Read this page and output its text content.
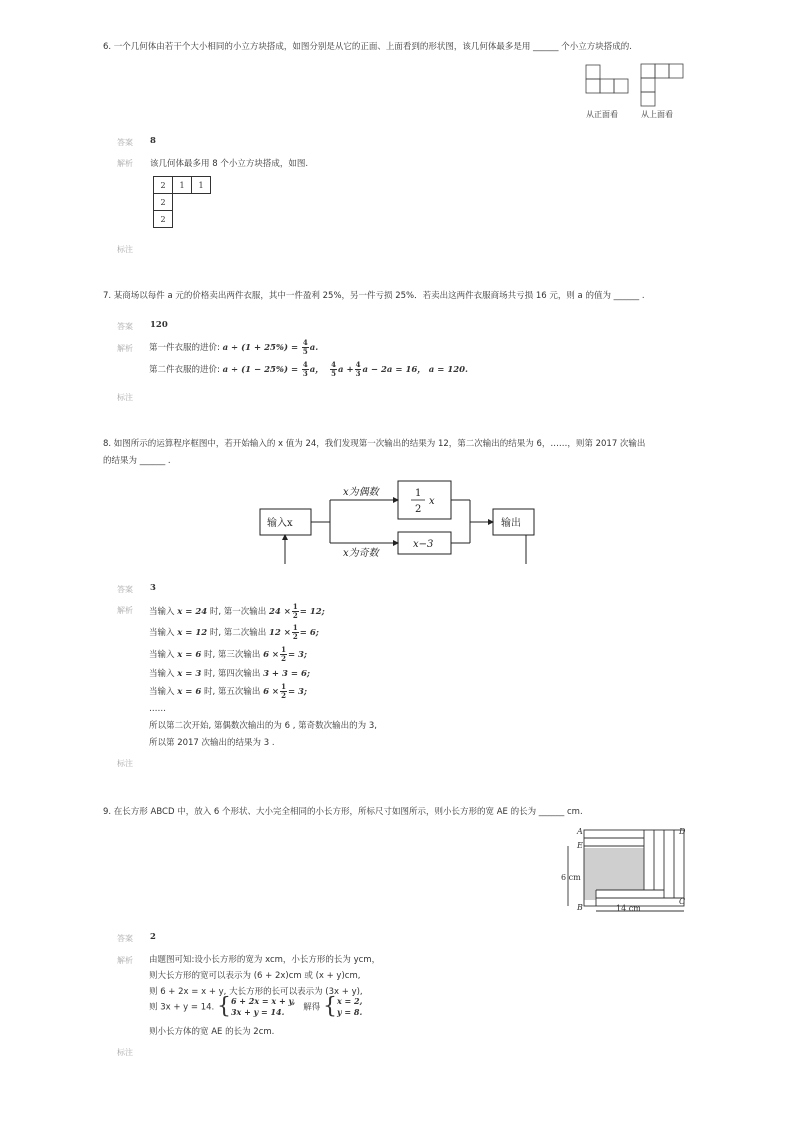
6. 一个几何体由若干个大小相同的小立方块搭成，如图分别是从它的正面、上面看到的形状图，该几何体最多是用 ______ 个小立方块搭成的.
从正面看	从上面看
答案 8
解析 该几何体最多用 8 个小立方块搭成，如图.
2	1	1
2		
2		
标注
7. 某商场以每件 a 元的价格卖出两件衣服，其中一件盈利 25%，另一件亏损 25%．若卖出这两件衣服商场共亏损 16 元，则 a 的值为 ______ .
答案 120
解析 第一件衣服的进价: $a \div (1 + 25\%) = \frac{4}{5} a$.
第二件衣服的进价: $a \div (1 - 25\%) = \frac{4}{3}$ a， $\frac{4}{5}$ $a + \frac{4}{3}$ a − 2a = 16， a = 120.
标注
8. 如图所示的运算程序框图中，若开始输入的 x 值为 24，我们发现第一次输出的结果为 12，第二次输出的结果为 6，……，则第 2017 次输出
的结果为 ______ .
输入x
x为偶数
x为奇数
1
2
x
x−3
输出
答案 3
解析 当输入 x = 24 时, 第一次输出 $24 \times \frac{1}{2} = 12$;
当输入 x = 12 时, 第二次输出 $12 \times \frac{1}{2} = 6$;
当输入 x = 6 时, 第三次输出 $6 \times \frac{1}{2} = 3$;
当输入 x = 3 时, 第四次输出 3 + 3 = 6;
当输入 x = 6 时, 第五次输出 $6 \times \frac{1}{2} = 3$;
……
所以第二次开始, 第偶数次输出的为 6 , 第奇数次输出的为 3,
所以第 2017 次输出的结果为 3 .
标注
9. 在长方形 ABCD 中，放入 6 个形状、大小完全相同的小长方形，所标尺寸如图所示，则小长方形的宽 AE 的长为 ______ cm.
A
E
B
D
C
6 cm
14 cm
答案 2
解析 由题图可知:设小长方形的宽为 xcm，小长方形的长为 ycm，
则大长方形的宽可以表示为 (6 + 2x)cm 或 (x + y)cm,
则 6 + 2x = x + y, 大长方形的长可以表示为 (3x + y),
则 3x + y = 14. { 6 + 2x = x + y,
3x + y = 14.	解得 { x = 2,
y = 8.
则小长方体的宽 AE 的长为 2cm.
标注
